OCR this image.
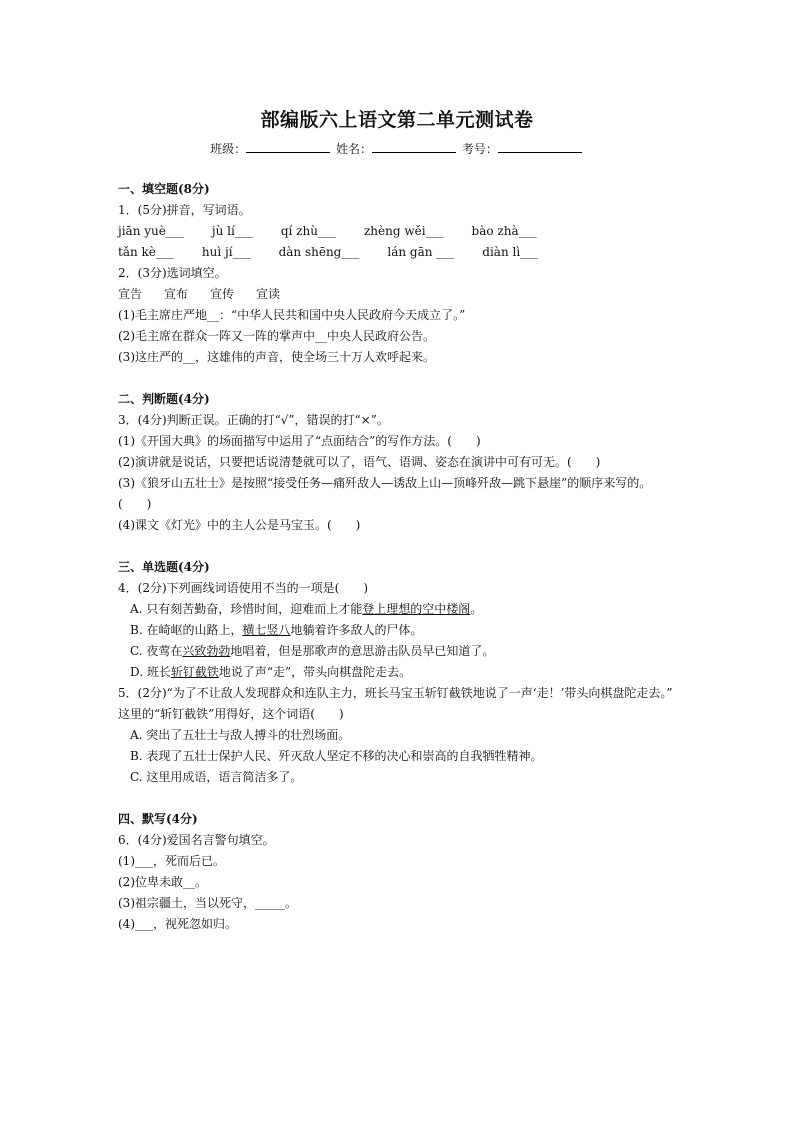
部编版六上语文第二单元测试卷
班级：	姓名：	考号：
一、填空题(8分)
1．(5分)拼音，写词语。
jiān yuè___ jù lí___ qí zhù___ zhèng wěi___ bào zhà___
tǎn kè___ huì jí___ dàn shēng___ lán gān ___ diàn lì___
2．(3分)选词填空。
宣告 宣布 宣传 宣读
(1)毛主席庄严地__：“中华人民共和国中央人民政府今天成立了。”
(2)毛主席在群众一阵又一阵的掌声中__中央人民政府公告。
(3)这庄严的__，这雄伟的声音，使全场三十万人欢呼起来。
二、判断题(4分)
3．(4分)判断正误。正确的打“√”，错误的打“×”。
(1)《开国大典》的场面描写中运用了“点面结合”的写作方法。(　　)
(2)演讲就是说话，只要把话说清楚就可以了，语气、语调、姿态在演讲中可有可无。(　　)
(3)《狼牙山五壮士》是按照“接受任务—痛歼敌人—诱敌上山—顶峰歼敌—跳下悬崖”的顺序来写的。
(　　)
(4)课文《灯光》中的主人公是马宝玉。(　　)
三、单选题(4分)
4．(2分)下列画线词语使用不当的一项是(　　)
A. 只有刻苦勤奋，珍惜时间，迎难而上才能登上理想的空中楼阁。
B. 在崎岖的山路上，横七竖八地躺着许多敌人的尸体。
C. 夜莺在兴致勃勃地唱着，但是那歌声的意思游击队员早已知道了。
D. 班长斩钉截铁地说了声“走”，带头向棋盘陀走去。
5．(2分)“为了不让敌人发现群众和连队主力，班长马宝玉斩钉截铁地说了一声‘走！’带头向棋盘陀走去。”
这里的“斩钉截铁”用得好，这个词语(　　)
A. 突出了五壮士与敌人搏斗的壮烈场面。
B. 表现了五壮士保护人民、歼灭敌人坚定不移的决心和崇高的自我牺牲精神。
C. 这里用成语，语言简洁多了。
四、默写(4分)
6．(4分)爱国名言警句填空。
(1)___，死而后已。
(2)位卑未敢__。
(3)祖宗疆土，当以死守，_____。
(4)___，视死忽如归。
